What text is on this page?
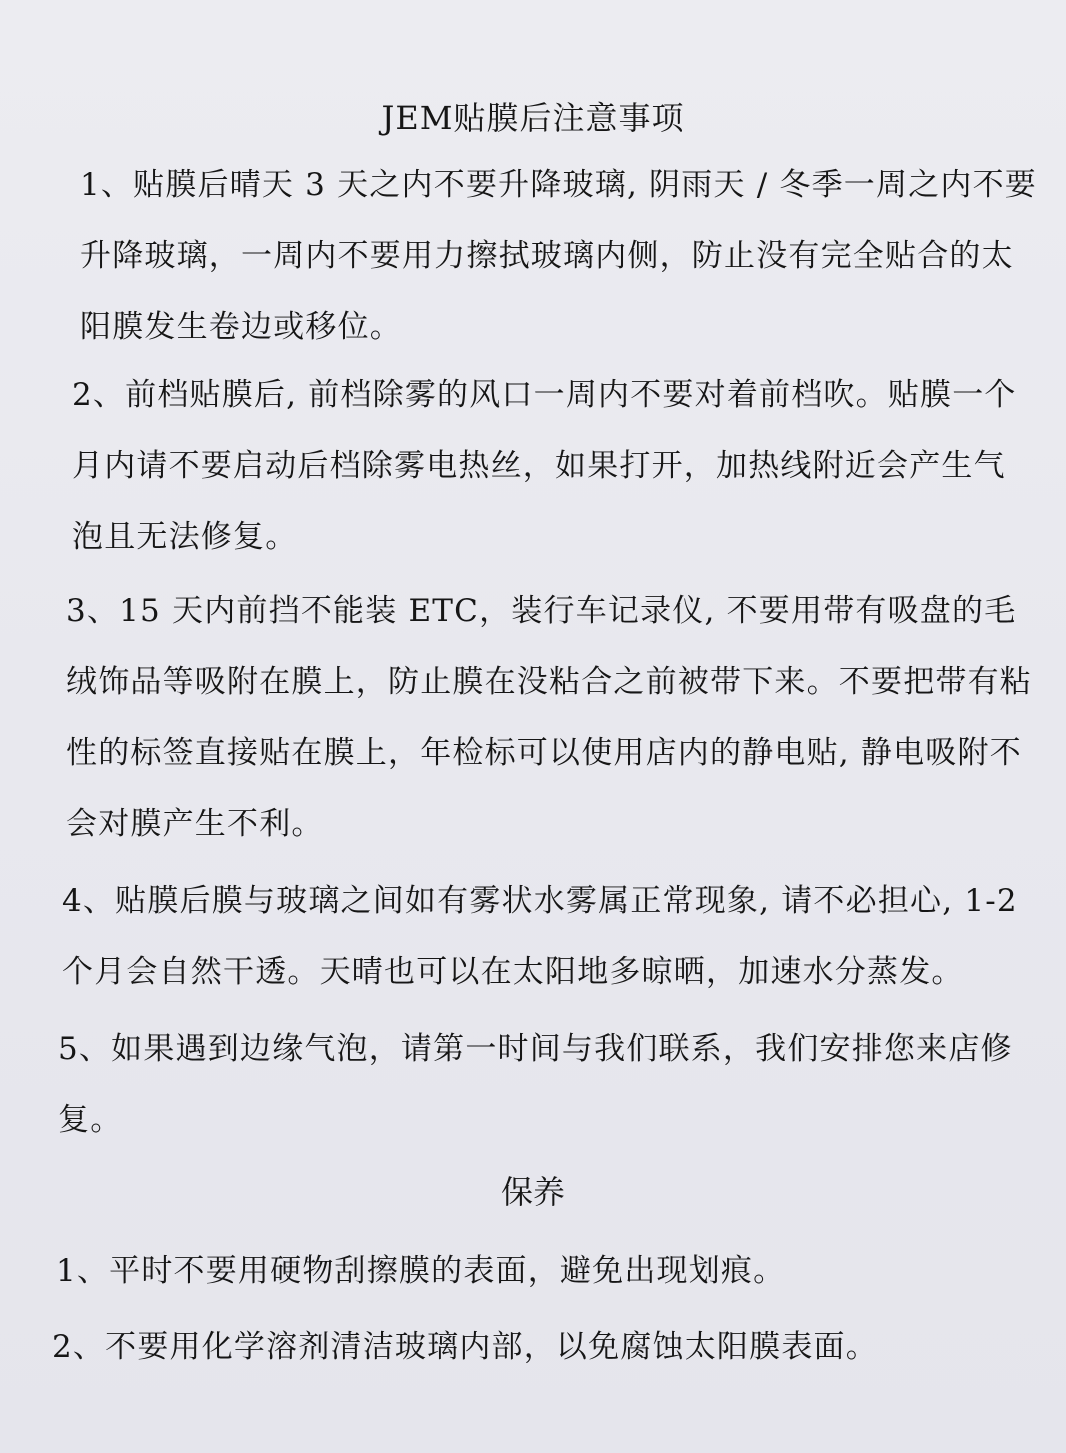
JEM贴膜后注意事项

1、贴膜后晴天 3 天之内不要升降玻璃, 阴雨天 / 冬季一周之内不要升降玻璃，一周内不要用力擦拭玻璃内侧，防止没有完全贴合的太阳膜发生卷边或移位。

2、前档贴膜后, 前档除雾的风口一周内不要对着前档吹。贴膜一个月内请不要启动后档除雾电热丝，如果打开，加热线附近会产生气泡且无法修复。

3、15 天内前挡不能装 ETC，装行车记录仪, 不要用带有吸盘的毛绒饰品等吸附在膜上，防止膜在没粘合之前被带下来。不要把带有粘性的标签直接贴在膜上，年检标可以使用店内的静电贴, 静电吸附不会对膜产生不利。

4、贴膜后膜与玻璃之间如有雾状水雾属正常现象, 请不必担心, 1-2个月会自然干透。天晴也可以在太阳地多晾晒，加速水分蒸发。

5、如果遇到边缘气泡，请第一时间与我们联系，我们安排您来店修复。

保养

1、平时不要用硬物刮擦膜的表面，避免出现划痕。

2、不要用化学溶剂清洁玻璃内部，以免腐蚀太阳膜表面。
